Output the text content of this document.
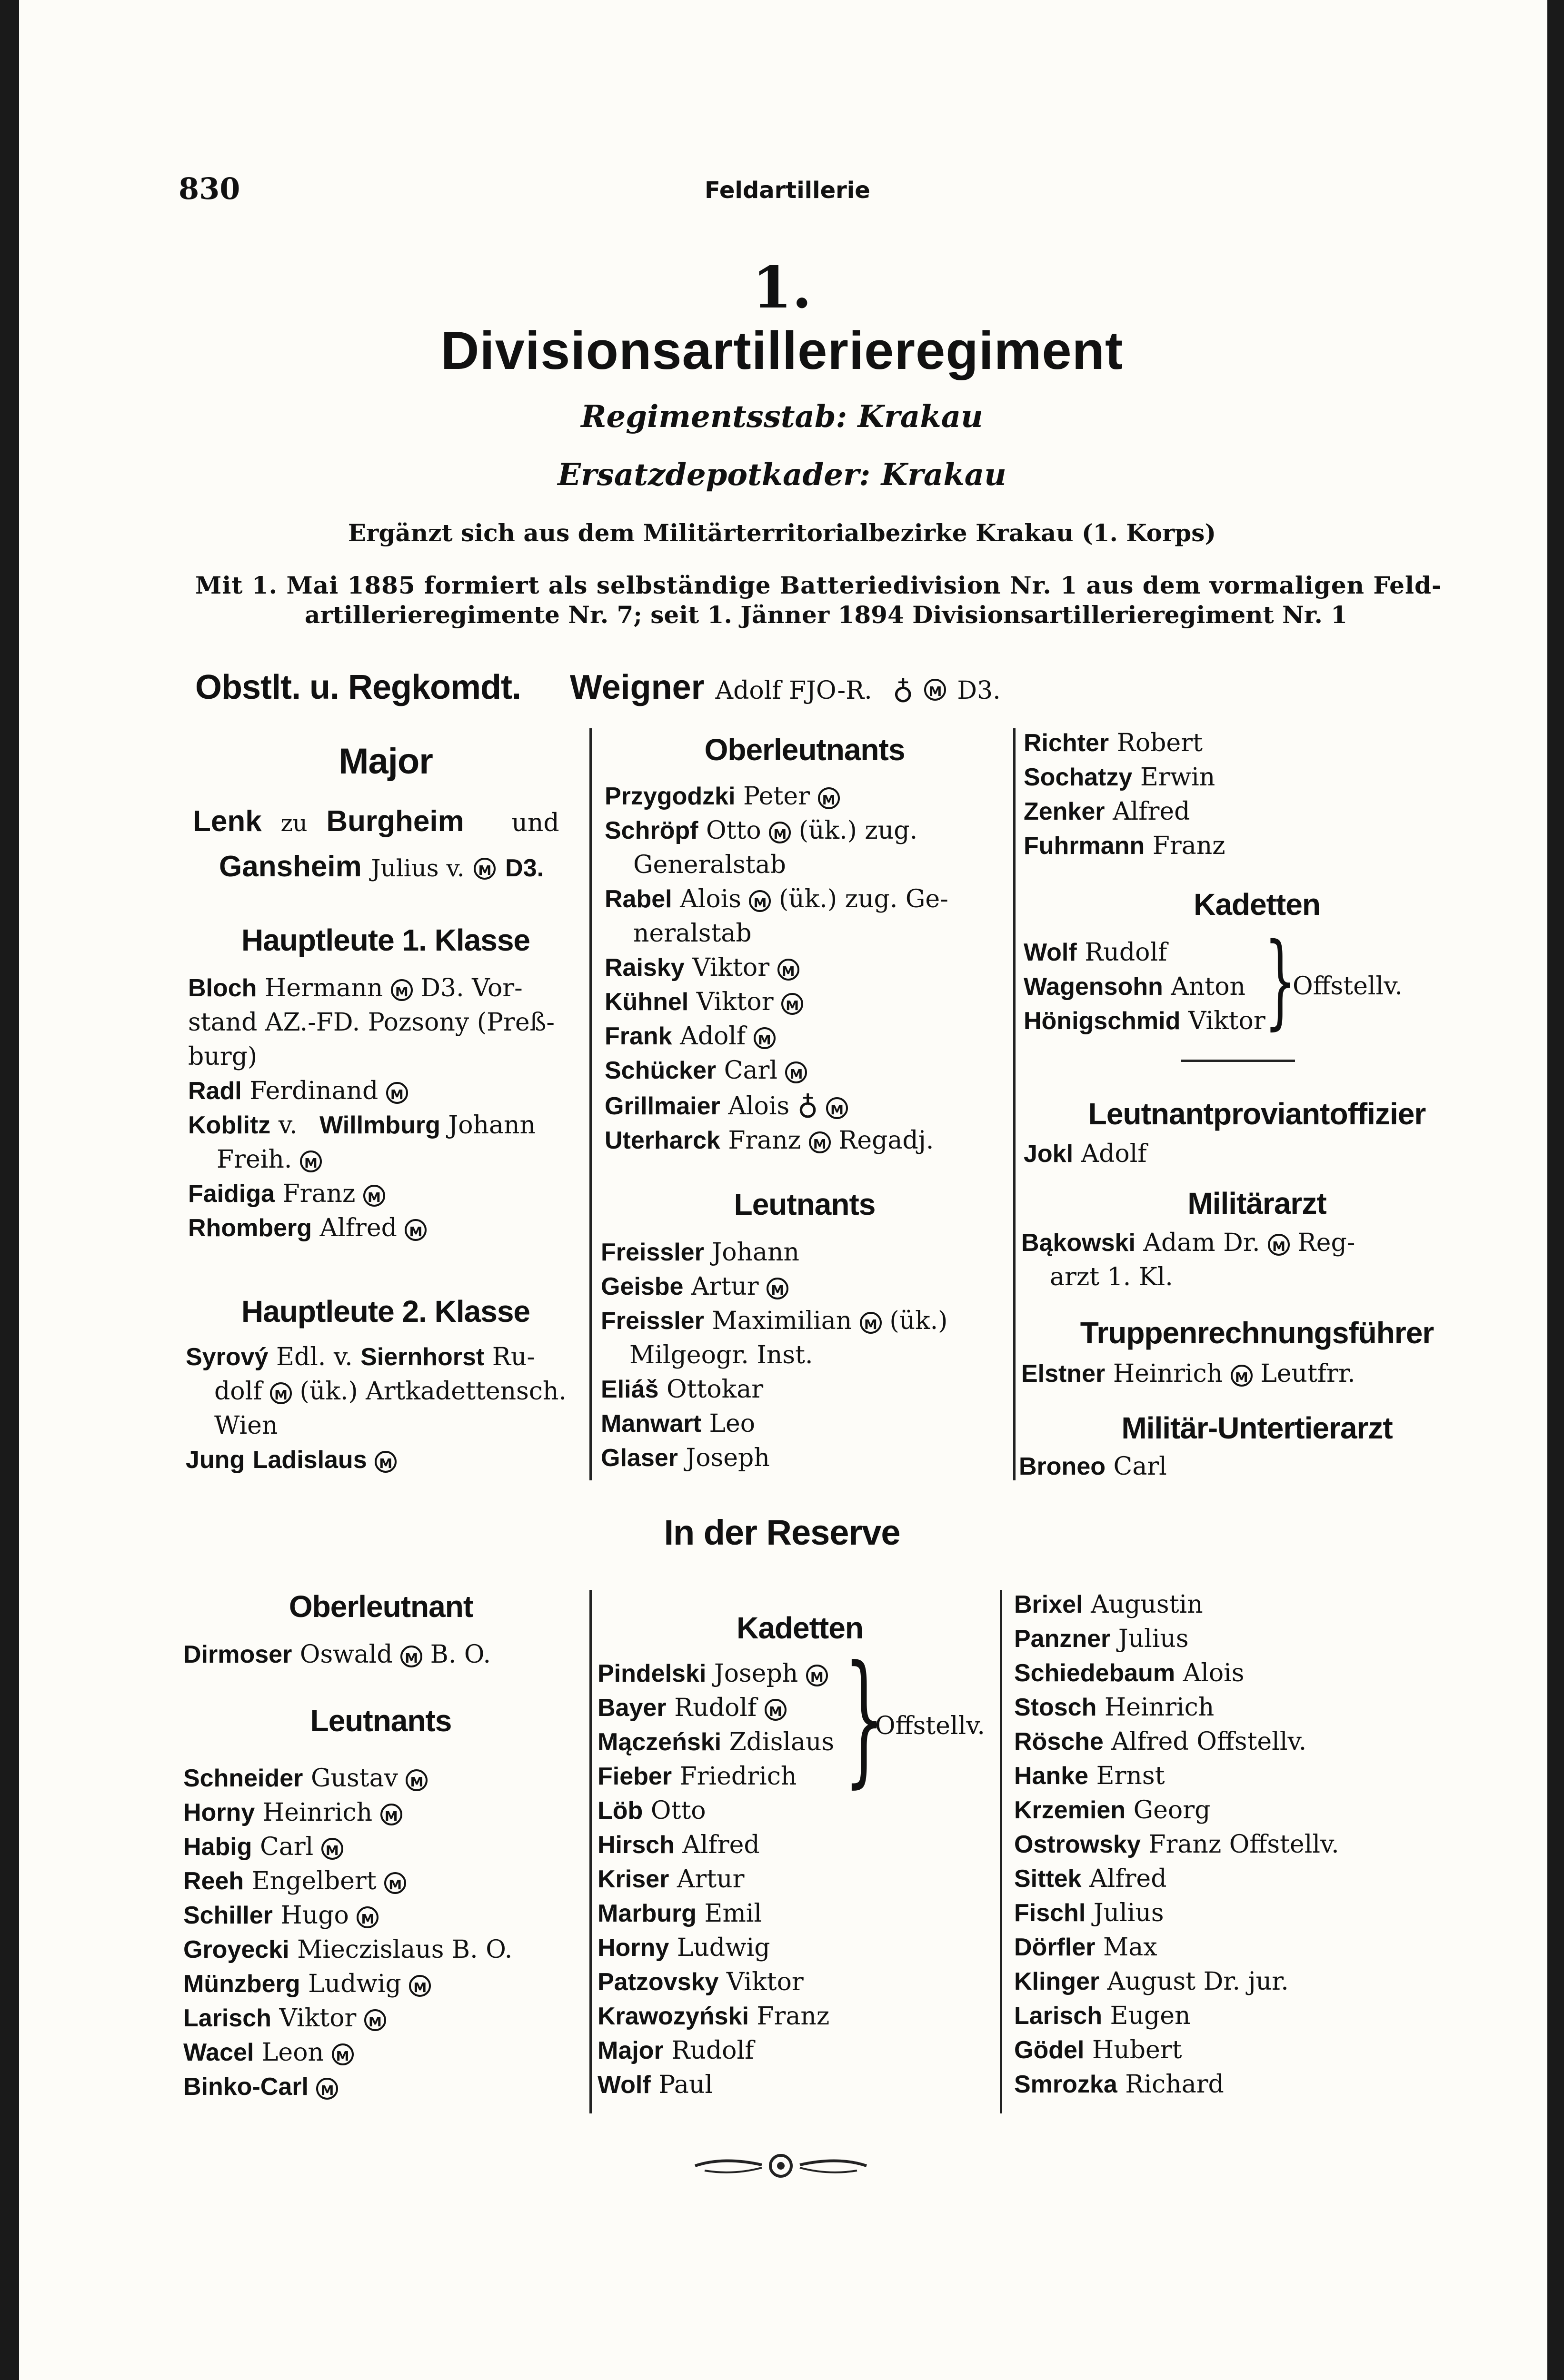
830	Feldartillerie
1.
Divisionsartillerieregiment
Regimentsstab: Krakau
Ersatzdepotkader: Krakau
Ergänzt sich aus dem Militärterritorialbezirke Krakau (1. Korps)
Mit 1. Mai 1885 formiert als selbständige Batteriedivision Nr. 1 aus dem vormaligen Feld-
artillerieregimente Nr. 7; seit 1. Jänner 1894 Divisionsartillerieregiment Nr. 1
Obstlt. u. Regkomdt. Weigner Adolf FJO-R. ♁ M D3.
Major
Lenk zu Burgheim und
Gansheim Julius v. M D3.
Hauptleute 1. Klasse
Bloch Hermann M D3. Vor-
stand AZ.-FD. Pozsony (Preß-
burg)
Radl Ferdinand M
Koblitz v. Willmburg Johann
Freih. M
Faidiga Franz M
Rhomberg Alfred M
Hauptleute 2. Klasse
Syrový Edl. v. Siernhorst Ru-
dolf M (ük.) Artkadettensch.
Wien
Jung Ladislaus M
Oberleutnants
Przygodzki Peter M
Schröpf Otto M (ük.) zug.
Generalstab
Rabel Alois M (ük.) zug. Ge-
neralstab
Raisky Viktor M
Kühnel Viktor M
Frank Adolf M
Schücker Carl M
Grillmaier Alois ♁ M
Uterharck Franz M Regadj.
Leutnants
Freissler Johann
Geisbe Artur M
Freissler Maximilian M (ük.)
Milgeogr. Inst.
Eliáš Ottokar
Manwart Leo
Glaser Joseph
Richter Robert
Sochatzy Erwin
Zenker Alfred
Fuhrmann Franz
Kadetten
Wolf Rudolf
Wagensohn Anton
Hönigschmid Viktor
}
Offstellv.
Leutnantproviantoffizier
Jokl Adolf
Militärarzt
Bąkowski Adam Dr. M Reg-
arzt 1. Kl.
Truppenrechnungsführer
Elstner Heinrich M Leutfrr.
Militär-Untertierarzt
Broneo Carl
In der Reserve
Oberleutnant
Dirmoser Oswald M B. O.
Leutnants
Schneider Gustav M
Horny Heinrich M
Habig Carl M
Reeh Engelbert M
Schiller Hugo M
Groyecki Mieczislaus B. O.
Münzberg Ludwig M
Larisch Viktor M
Wacel Leon M
Binko-Carl M
Kadetten
Pindelski Joseph M
Bayer Rudolf M
Mączeński Zdislaus
Fieber Friedrich
Löb Otto
Hirsch Alfred
Kriser Artur
Marburg Emil
Horny Ludwig
Patzovsky Viktor
Krawozyński Franz
Major Rudolf
Wolf Paul
}
Offstellv.
Brixel Augustin
Panzner Julius
Schiedebaum Alois
Stosch Heinrich
Rösche Alfred Offstellv.
Hanke Ernst
Krzemien Georg
Ostrowsky Franz Offstellv.
Sittek Alfred
Fischl Julius
Dörfler Max
Klinger August Dr. jur.
Larisch Eugen
Gödel Hubert
Smrozka Richard
